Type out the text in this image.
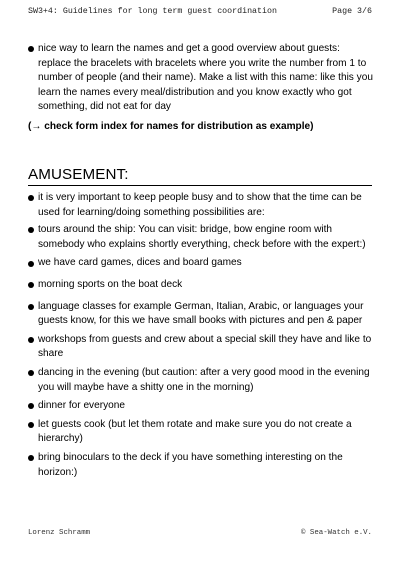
SW3+4: Guidelines for long term guest coordination	Page 3/6
nice way to learn the names and get a good overview about guests: replace the bracelets with bracelets where you write the number from 1 to number of people (and their name). Make a list with this name: like this you learn the names every meal/distribution and you know exactly who got something, did not eat for day
(→ check form index for names for distribution as example)
AMUSEMENT:
it is very important to keep people busy and to show that the time can be used for learning/doing something possibilities are:
tours around the ship: You can visit: bridge, bow engine room with somebody who explains shortly everything, check before with the expert:)
we have card games, dices and board games
morning sports on the boat deck
language classes for example German, Italian, Arabic, or languages your guests know, for this we have small books with pictures and pen & paper
workshops from guests and crew about a special skill they have and like to share
dancing in the evening (but caution: after a very good mood in the evening you will maybe have a shitty one in the morning)
dinner for everyone
let guests cook (but let them rotate and make sure you do not create a hierarchy)
bring binoculars to the deck if you have something interesting on the horizon:)
Lorenz Schramm	© Sea-Watch e.V.
